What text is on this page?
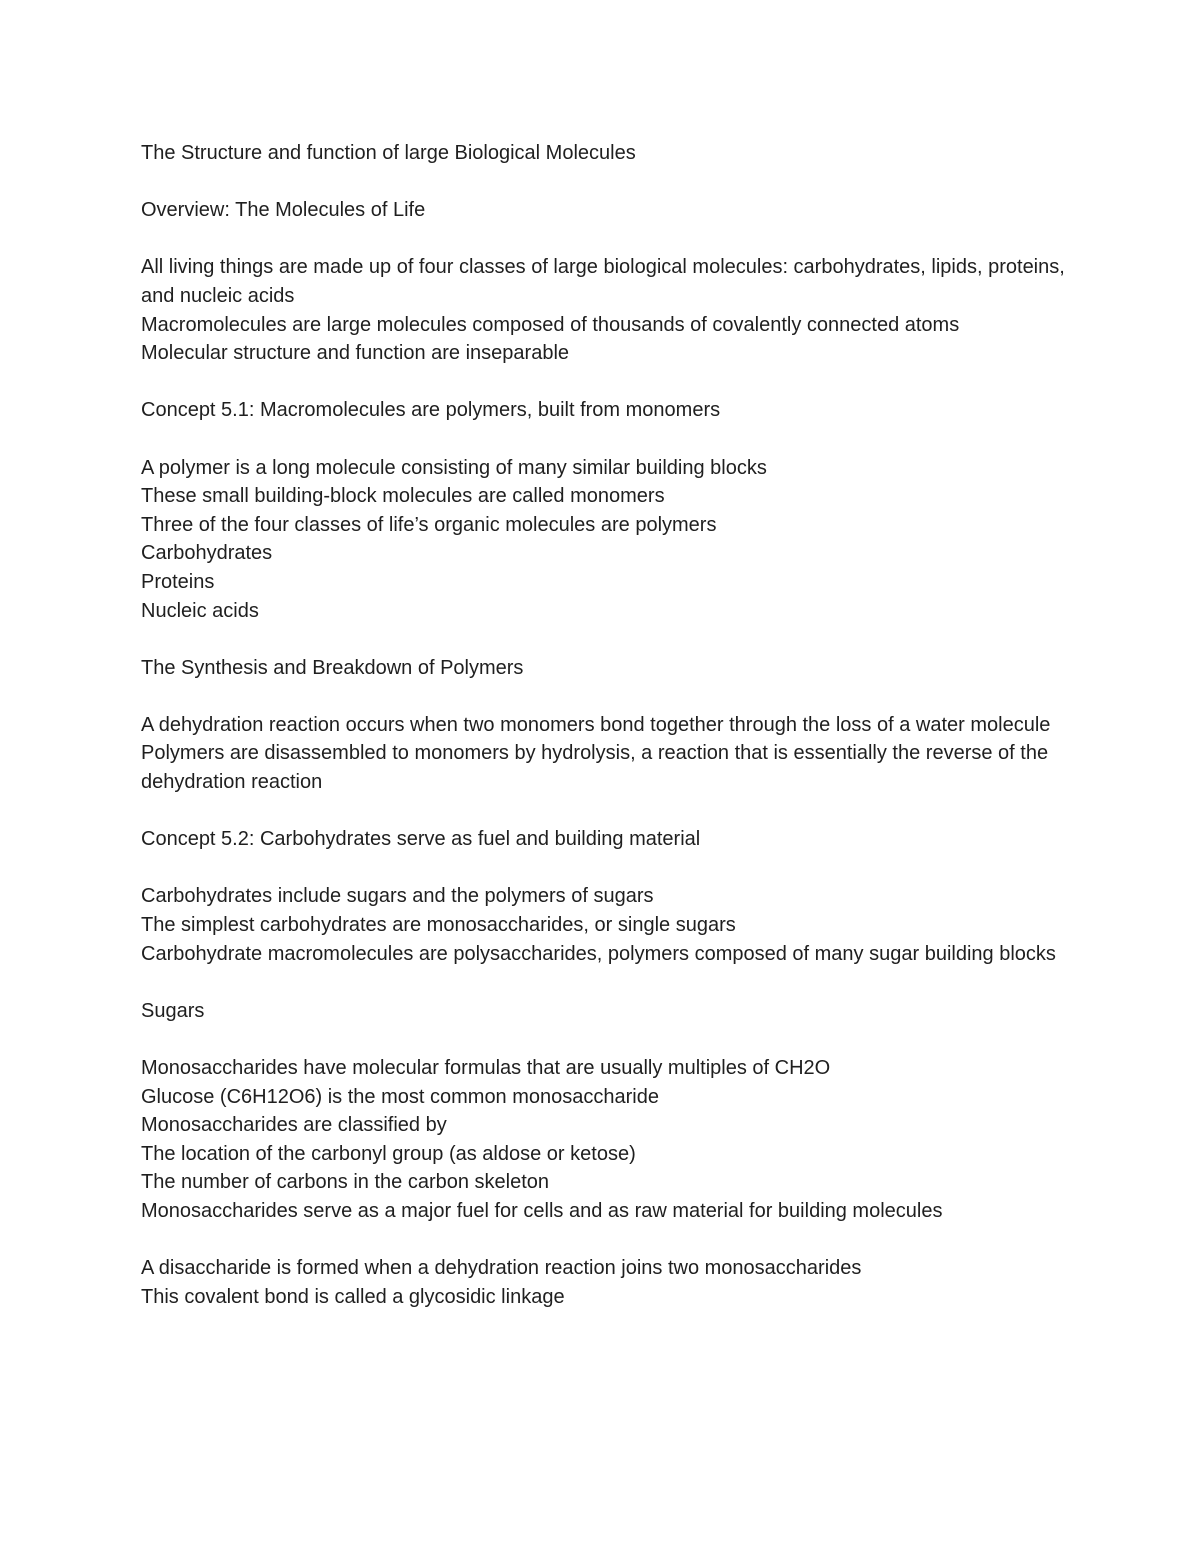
The Structure and function of large Biological Molecules

Overview: The Molecules of Life

All living things are made up of four classes of large biological molecules: carbohydrates, lipids, proteins, and nucleic acids

Macromolecules are large molecules composed of thousands of covalently connected atoms

Molecular structure and function are inseparable

Concept 5.1: Macromolecules are polymers, built from monomers

A polymer is a long molecule consisting of many similar building blocks

These small building-block molecules are called monomers

Three of the four classes of life’s organic molecules are polymers

Carbohydrates

Proteins

Nucleic acids

The Synthesis and Breakdown of Polymers

A dehydration reaction occurs when two monomers bond together through the loss of a water molecule

Polymers are disassembled to monomers by hydrolysis, a reaction that is essentially the reverse of the dehydration reaction

Concept 5.2: Carbohydrates serve as fuel and building material

Carbohydrates include sugars and the polymers of sugars

The simplest carbohydrates are monosaccharides, or single sugars

Carbohydrate macromolecules are polysaccharides, polymers composed of many sugar building blocks

Sugars

Monosaccharides have molecular formulas that are usually multiples of CH2O

Glucose (C6H12O6) is the most common monosaccharide

Monosaccharides are classified by

The location of the carbonyl group (as aldose or ketose)

The number of carbons in the carbon skeleton

Monosaccharides serve as a major fuel for cells and as raw material for building molecules

A disaccharide is formed when a dehydration reaction joins two monosaccharides

This covalent bond is called a glycosidic linkage
